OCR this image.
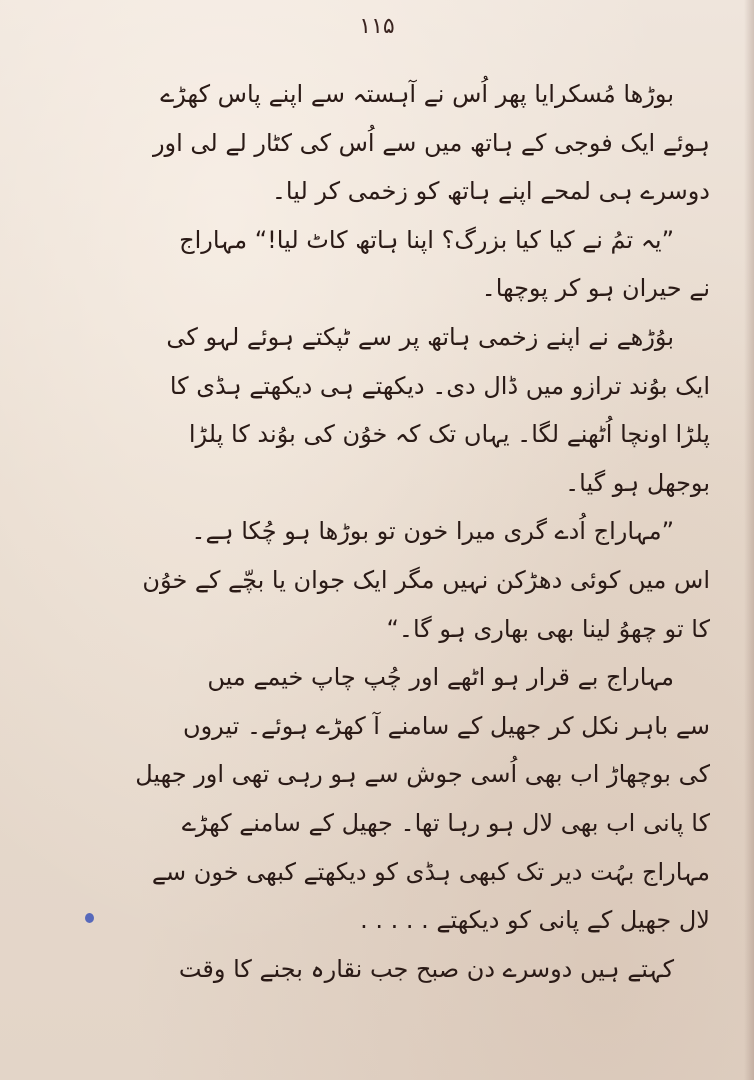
۱۱۵
بوڑھا مُسکرایا پھر اُس نے آہستہ سے اپنے پاس کھڑے
ہوئے ایک فوجی کے ہاتھ میں سے اُس کی کٹار لے لی اور
دوسرے ہی لمحے اپنے ہاتھ کو زخمی کر لیا۔
”یہ تمُ نے کیا کیا بزرگ؟ اپنا ہاتھ کاٹ لیا!“ مہاراج
نے حیران ہو کر پوچھا۔
بوُڑھے نے اپنے زخمی ہاتھ پر سے ٹپکتے ہوئے لہو کی
ایک بوُند ترازو میں ڈال دی۔ دیکھتے ہی دیکھتے ہڈی کا
پلڑا اونچا اُٹھنے لگا۔ یہاں تک کہ خوُن کی بوُند کا پلڑا
بوجھل ہو گیا۔
”مہاراج اُدے گری میرا خون تو بوڑھا ہو چُکا ہے۔
اس میں کوئی دھڑکن نہیں مگر ایک جوان یا بچّے کے خوُن
کا تو چھوُ لینا بھی بھاری ہو گا۔“
مہاراج بے قرار ہو اٹھے اور چُپ چاپ خیمے میں
سے باہر نکل کر جھیل کے سامنے آ کھڑے ہوئے۔ تیروں
کی بوچھاڑ اب بھی اُسی جوش سے ہو رہی تھی اور جھیل
کا پانی اب بھی لال ہو رہا تھا۔ جھیل کے سامنے کھڑے
مہاراج بہُت دیر تک کبھی ہڈی کو دیکھتے کبھی خون سے
لال جھیل کے پانی کو دیکھتے . . . . .
کہتے ہیں دوسرے دن صبح جب نقارہ بجنے کا وقت
